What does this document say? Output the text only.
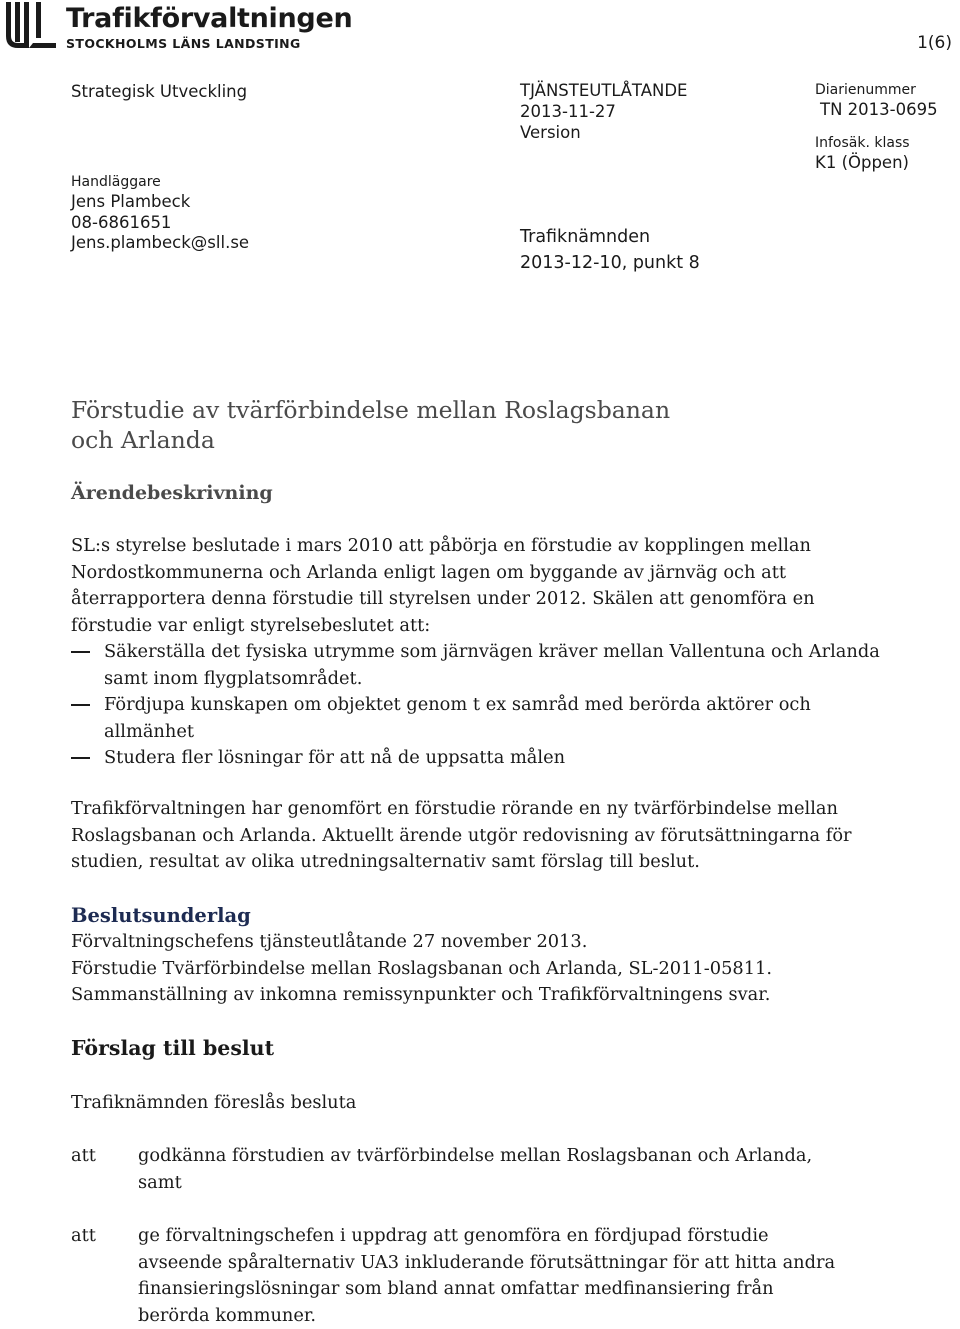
Trafikförvaltningen
STOCKHOLMS LÄNS LANDSTING	1(6)
Strategisk Utveckling
Handläggare
Jens Plambeck
08-6861651
Jens.plambeck@sll.se
TJÄNSTEUTLÅTANDE
2013-11-27
Version
Trafiknämnden
2013-12-10, punkt 8
Diarienummer
TN 2013-0695
Infosäk. klass
K1 (Öppen)
Förstudie av tvärförbindelse mellan Roslagsbanan
och Arlanda
Ärendebeskrivning

SL:s styrelse beslutade i mars 2010 att påbörja en förstudie av kopplingen mellan Nordostkommunerna och Arlanda enligt lagen om byggande av järnväg och att återrapportera denna förstudie till styrelsen under 2012. Skälen att genomföra en förstudie var enligt styrelsebeslutet att:

Säkerställa det fysiska utrymme som järnvägen kräver mellan Vallentuna och Arlanda samt inom flygplatsområdet.
Fördjupa kunskapen om objektet genom t ex samråd med berörda aktörer och allmänhet
Studera fler lösningar för att nå de uppsatta målen
Trafikförvaltningen har genomfört en förstudie rörande en ny tvärförbindelse mellan Roslagsbanan och Arlanda. Aktuellt ärende utgör redovisning av förutsättningarna för studien, resultat av olika utredningsalternativ samt förslag till beslut.
Beslutsunderlag
Förvaltningschefens tjänsteutlåtande 27 november 2013.
Förstudie Tvärförbindelse mellan Roslagsbanan och Arlanda, SL-2011-05811.
Sammanställning av inkomna remissynpunkter och Trafikförvaltningens svar.
Förslag till beslut
Trafiknämnden föreslås besluta
att	godkänna förstudien av tvärförbindelse mellan Roslagsbanan och Arlanda, samt
att	ge förvaltningschefen i uppdrag att genomföra en fördjupad förstudie avseende spåralternativ UA3 inkluderande förutsättningar för att hitta andra finansieringslösningar som bland annat omfattar medfinansiering från berörda kommuner.
